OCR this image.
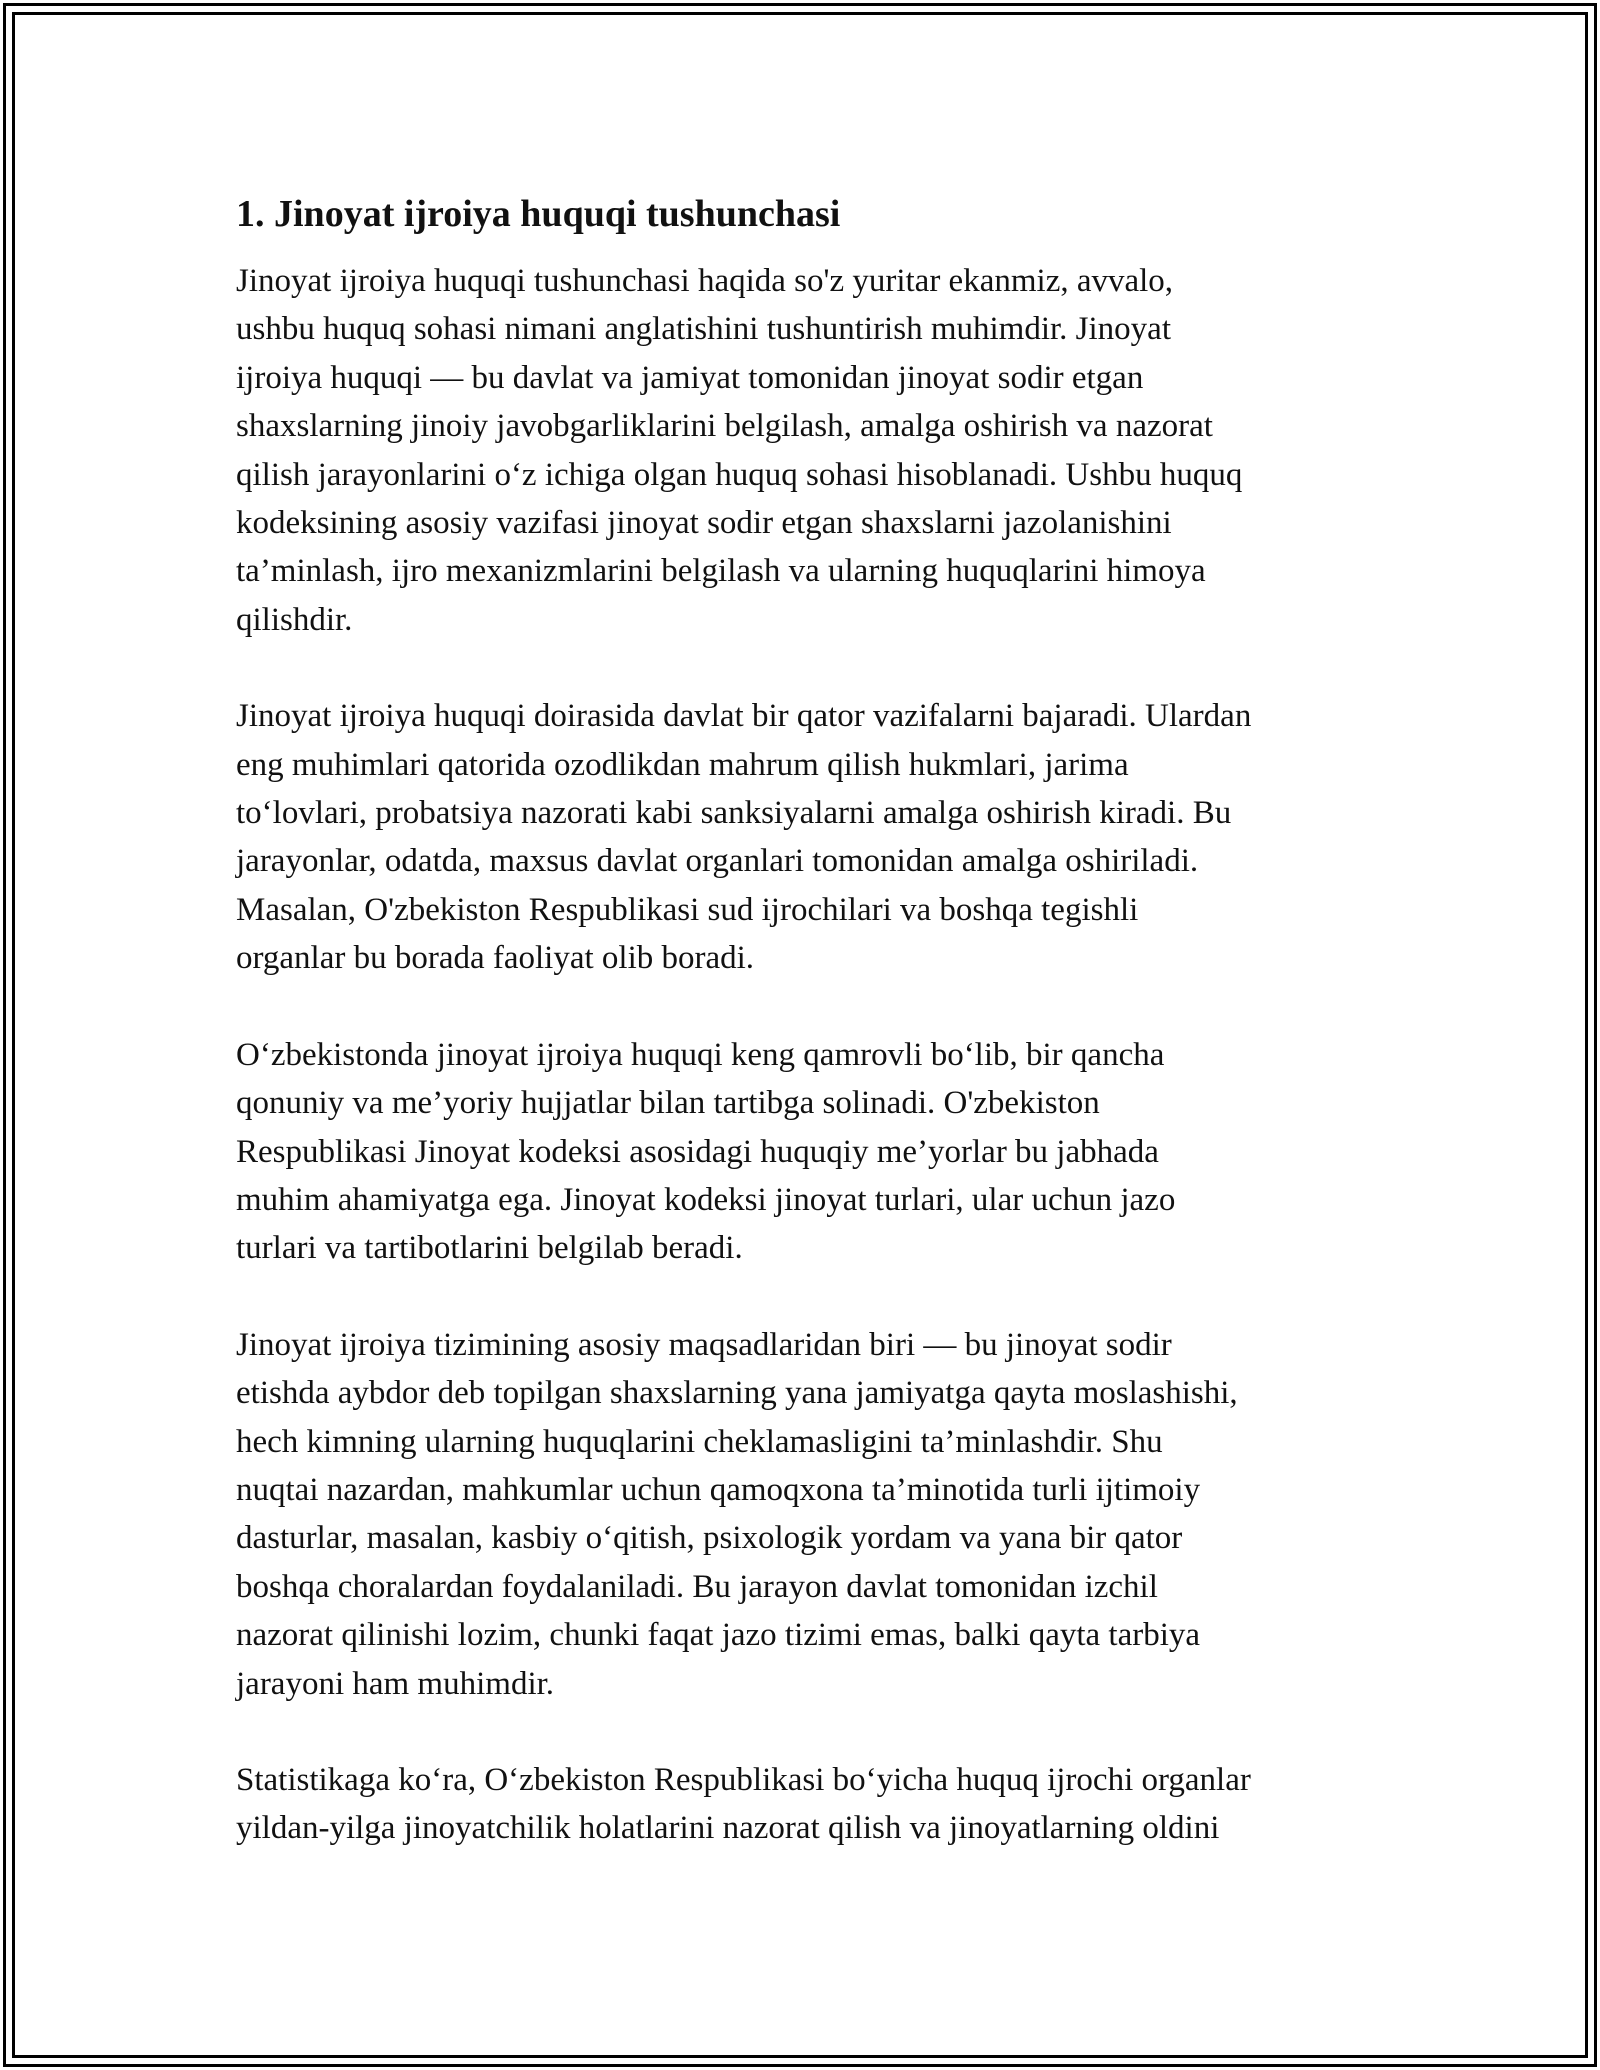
1. Jinoyat ijroiya huquqi tushunchasi

Jinoyat ijroiya huquqi tushunchasi haqida so'z yuritar ekanmiz, avvalo,
ushbu huquq sohasi nimani anglatishini tushuntirish muhimdir. Jinoyat
ijroiya huquqi — bu davlat va jamiyat tomonidan jinoyat sodir etgan
shaxslarning jinoiy javobgarliklarini belgilash, amalga oshirish va nazorat
qilish jarayonlarini o‘z ichiga olgan huquq sohasi hisoblanadi. Ushbu huquq
kodeksining asosiy vazifasi jinoyat sodir etgan shaxslarni jazolanishini
ta’minlash, ijro mexanizmlarini belgilash va ularning huquqlarini himoya
qilishdir.

Jinoyat ijroiya huquqi doirasida davlat bir qator vazifalarni bajaradi. Ulardan
eng muhimlari qatorida ozodlikdan mahrum qilish hukmlari, jarima
to‘lovlari, probatsiya nazorati kabi sanksiyalarni amalga oshirish kiradi. Bu
jarayonlar, odatda, maxsus davlat organlari tomonidan amalga oshiriladi.
Masalan, O'zbekiston Respublikasi sud ijrochilari va boshqa tegishli
organlar bu borada faoliyat olib boradi.

O‘zbekistonda jinoyat ijroiya huquqi keng qamrovli bo‘lib, bir qancha
qonuniy va me’yoriy hujjatlar bilan tartibga solinadi. O'zbekiston
Respublikasi Jinoyat kodeksi asosidagi huquqiy me’yorlar bu jabhada
muhim ahamiyatga ega. Jinoyat kodeksi jinoyat turlari, ular uchun jazo
turlari va tartibotlarini belgilab beradi.

Jinoyat ijroiya tizimining asosiy maqsadlaridan biri — bu jinoyat sodir
etishda aybdor deb topilgan shaxslarning yana jamiyatga qayta moslashishi,
hech kimning ularning huquqlarini cheklamasligini ta’minlashdir. Shu
nuqtai nazardan, mahkumlar uchun qamoqxona ta’minotida turli ijtimoiy
dasturlar, masalan, kasbiy o‘qitish, psixologik yordam va yana bir qator
boshqa choralardan foydalaniladi. Bu jarayon davlat tomonidan izchil
nazorat qilinishi lozim, chunki faqat jazo tizimi emas, balki qayta tarbiya
jarayoni ham muhimdir.

Statistikaga ko‘ra, O‘zbekiston Respublikasi bo‘yicha huquq ijrochi organlar
yildan-yilga jinoyatchilik holatlarini nazorat qilish va jinoyatlarning oldini
